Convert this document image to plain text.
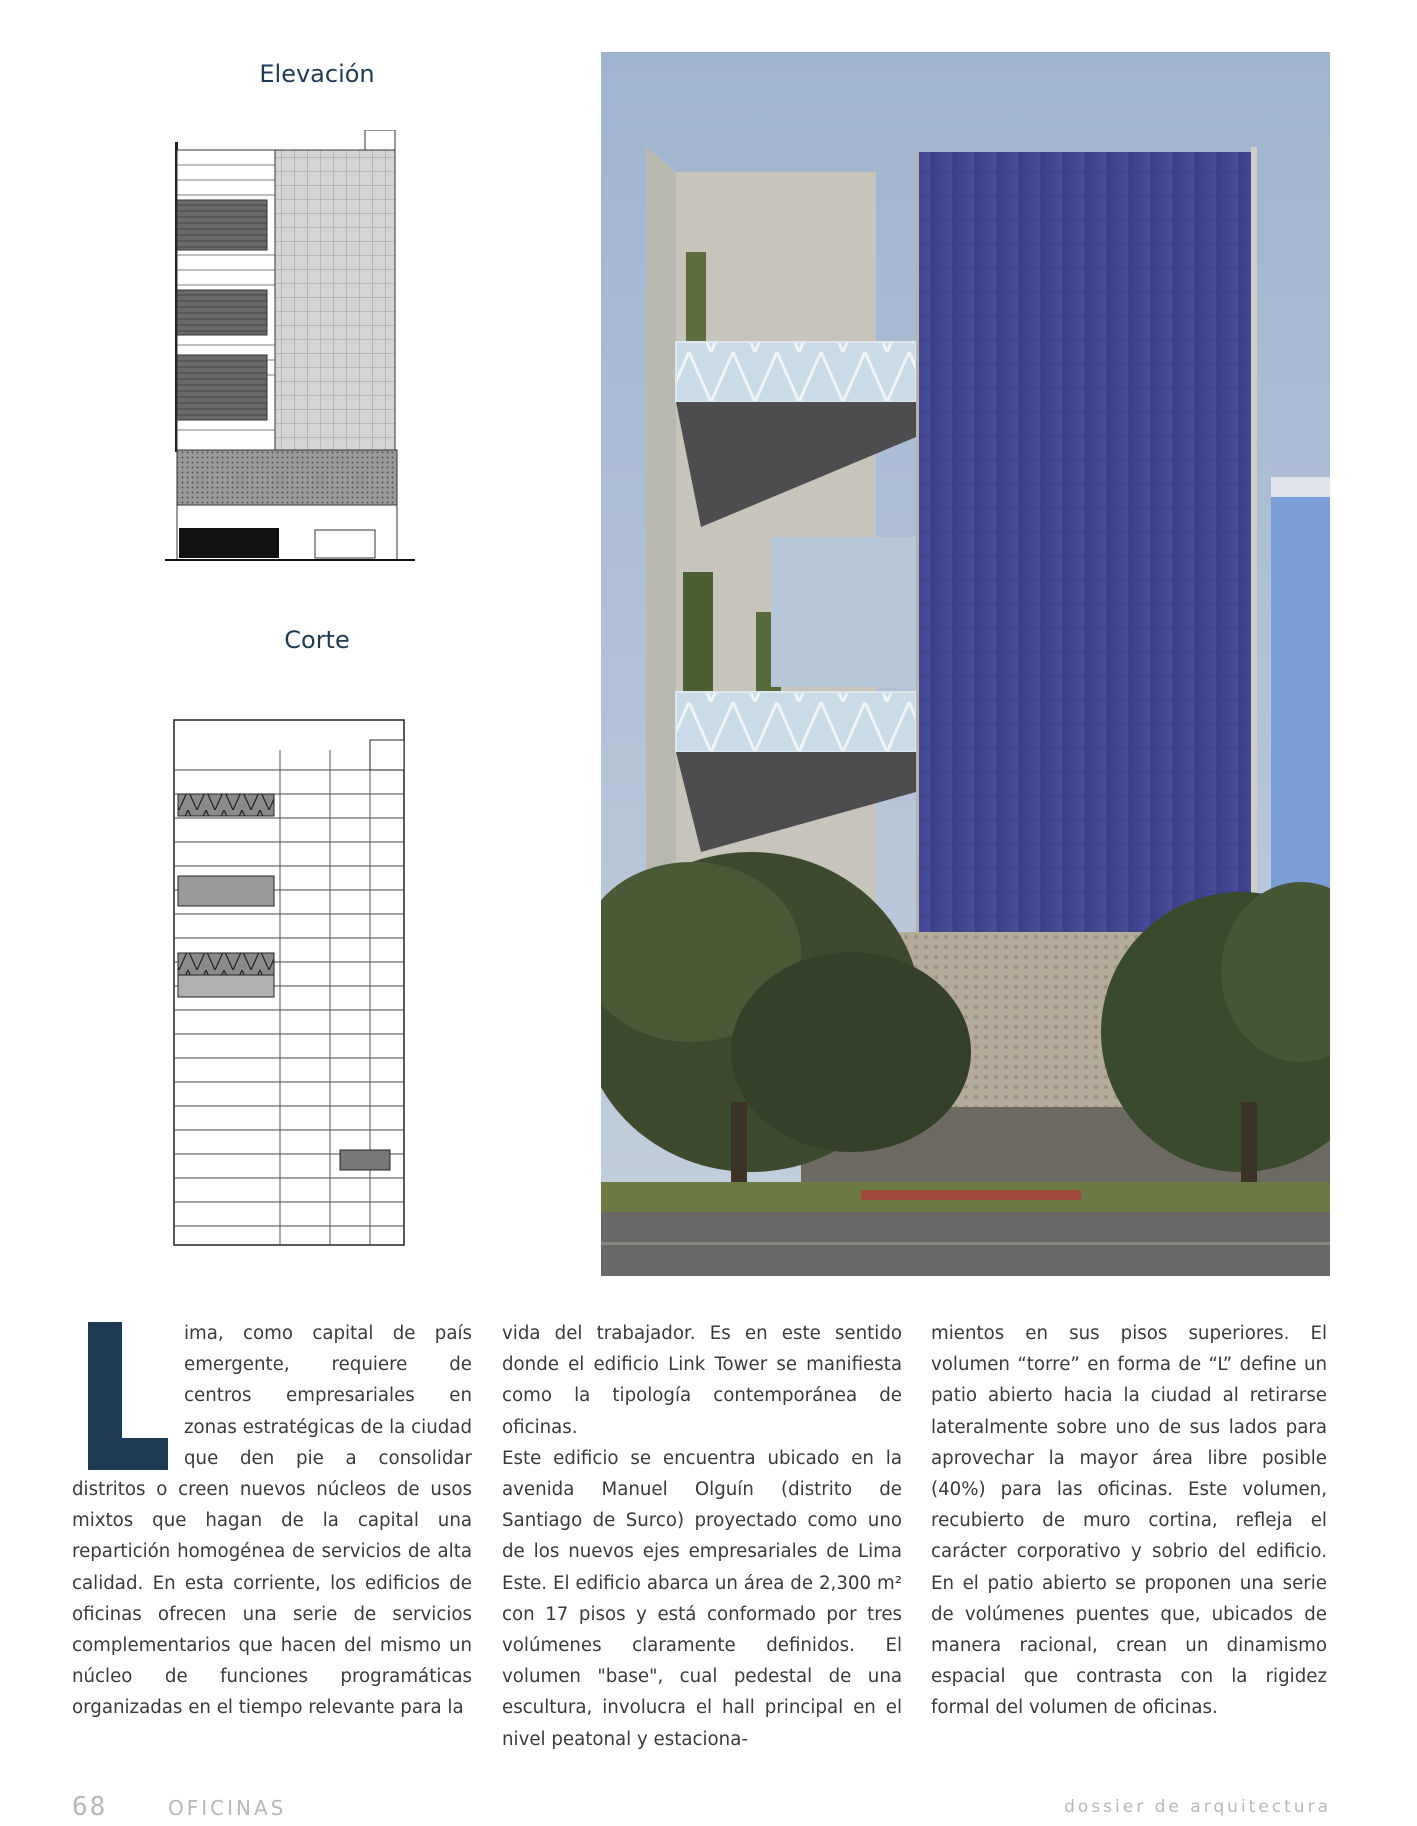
Elevación
Corte

ima, como capital de país emergente, requiere de centros empresariales en zonas estratégicas de la ciudad que den pie a consolidar distritos o creen nuevos núcleos de usos mixtos que hagan de la capital una repartición homogénea de servicios de alta calidad. En esta corriente, los edificios de oficinas ofrecen una serie de servicios complementarios que hacen del mismo un núcleo de funciones programáticas organizadas en el tiempo relevante para la

vida del trabajador. Es en este sentido donde el edificio Link Tower se manifiesta como la tipología contemporánea de oficinas.

Este edificio se encuentra ubicado en la avenida Manuel Olguín (distrito de Santiago de Surco) proyectado como uno de los nuevos ejes empresariales de Lima Este. El edificio abarca un área de 2,300 m² con 17 pisos y está conformado por tres volúmenes claramente definidos. El volumen "base", cual pedestal de una escultura, involucra el hall principal en el nivel peatonal y estaciona-

mientos en sus pisos superiores. El volumen “torre” en forma de “L” define un patio abierto hacia la ciudad al retirarse lateralmente sobre uno de sus lados para aprovechar la mayor área libre posible (40%) para las oficinas. Este volumen, recubierto de muro cortina, refleja el carácter corporativo y sobrio del edificio. En el patio abierto se proponen una serie de volúmenes puentes que, ubicados de manera racional, crean un dinamismo espacial que contrasta con la rigidez formal del volumen de oficinas.

68	OFICINAS	dossier de arquitectura
